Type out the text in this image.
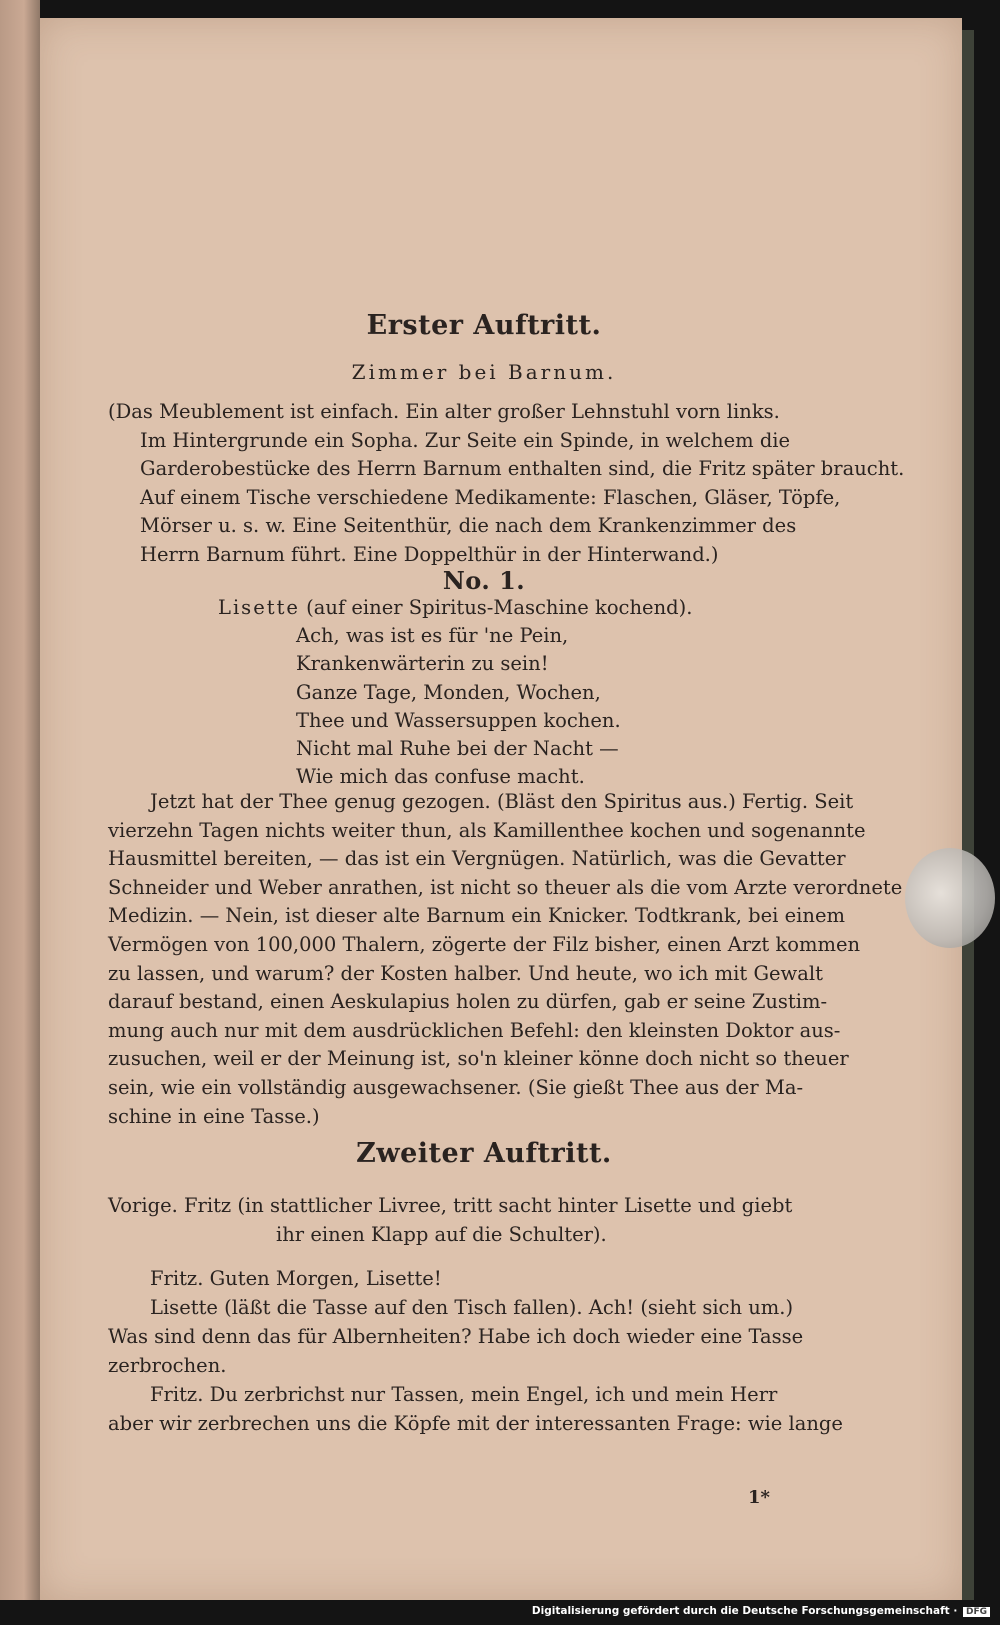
Erster Auftritt.
Zimmer bei Barnum.
(Das Meublement ist einfach. Ein alter großer Lehnstuhl vorn links.
Im Hintergrunde ein Sopha. Zur Seite ein Spinde, in welchem die
Garderobestücke des Herrn Barnum enthalten sind, die Fritz später braucht.
Auf einem Tische verschiedene Medikamente: Flaschen, Gläser, Töpfe,
Mörser u. s. w. Eine Seitenthür, die nach dem Krankenzimmer des
Herrn Barnum führt. Eine Doppelthür in der Hinterwand.)
No. 1.
Lisette (auf einer Spiritus-Maschine kochend).
Ach, was ist es für 'ne Pein,
Krankenwärterin zu sein!
Ganze Tage, Monden, Wochen,
Thee und Wassersuppen kochen.
Nicht mal Ruhe bei der Nacht —
Wie mich das confuse macht.
Jetzt hat der Thee genug gezogen. (Bläst den Spiritus aus.) Fertig. Seit
vierzehn Tagen nichts weiter thun, als Kamillenthee kochen und sogenannte
Hausmittel bereiten, — das ist ein Vergnügen. Natürlich, was die Gevatter
Schneider und Weber anrathen, ist nicht so theuer als die vom Arzte verordnete
Medizin. — Nein, ist dieser alte Barnum ein Knicker. Todtkrank, bei einem
Vermögen von 100,000 Thalern, zögerte der Filz bisher, einen Arzt kommen
zu lassen, und warum? der Kosten halber. Und heute, wo ich mit Gewalt
darauf bestand, einen Aeskulapius holen zu dürfen, gab er seine Zustim-
mung auch nur mit dem ausdrücklichen Befehl: den kleinsten Doktor aus-
zusuchen, weil er der Meinung ist, so'n kleiner könne doch nicht so theuer
sein, wie ein vollständig ausgewachsener. (Sie gießt Thee aus der Ma-
schine in eine Tasse.)
Zweiter Auftritt.
Vorige. Fritz (in stattlicher Livree, tritt sacht hinter Lisette und giebt
ihr einen Klapp auf die Schulter).
Fritz. Guten Morgen, Lisette!
Lisette (läßt die Tasse auf den Tisch fallen). Ach! (sieht sich um.)
Was sind denn das für Albernheiten? Habe ich doch wieder eine Tasse
zerbrochen.
Fritz. Du zerbrichst nur Tassen, mein Engel, ich und mein Herr
aber wir zerbrechen uns die Köpfe mit der interessanten Frage: wie lange
1*
Digitalisierung gefördert durch die Deutsche Forschungsgemeinschaft · DFG
